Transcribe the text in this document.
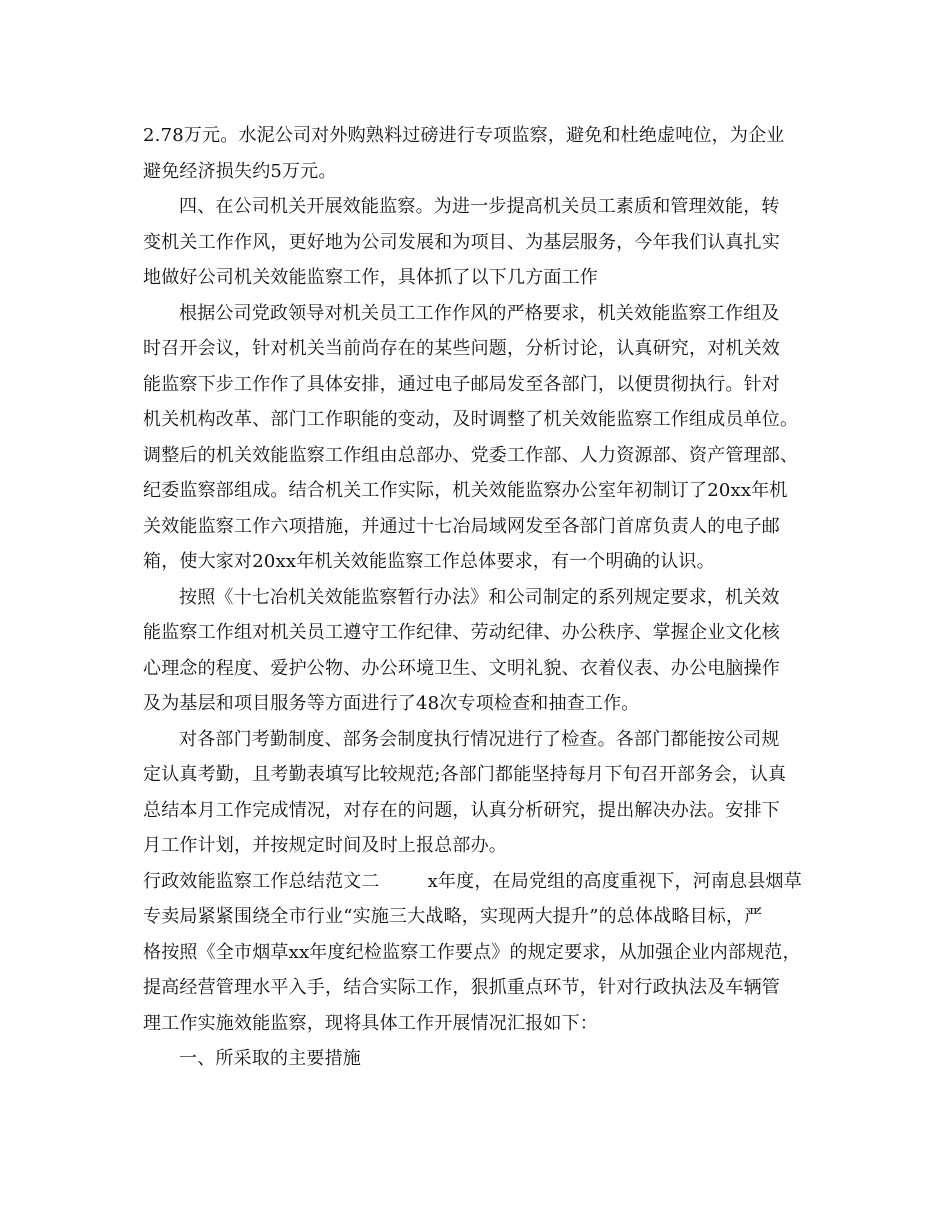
2.78万元。水泥公司对外购熟料过磅进行专项监察，避免和杜绝虚吨位，为企业
避免经济损失约5万元。
四、在公司机关开展效能监察。为进一步提高机关员工素质和管理效能，转
变机关工作作风，更好地为公司发展和为项目、为基层服务，今年我们认真扎实
地做好公司机关效能监察工作，具体抓了以下几方面工作
根据公司党政领导对机关员工工作作风的严格要求，机关效能监察工作组及
时召开会议，针对机关当前尚存在的某些问题，分析讨论，认真研究，对机关效
能监察下步工作作了具体安排，通过电子邮局发至各部门，以便贯彻执行。针对
机关机构改革、部门工作职能的变动，及时调整了机关效能监察工作组成员单位。
调整后的机关效能监察工作组由总部办、党委工作部、人力资源部、资产管理部、
纪委监察部组成。结合机关工作实际，机关效能监察办公室年初制订了20xx年机
关效能监察工作六项措施，并通过十七冶局域网发至各部门首席负责人的电子邮
箱，使大家对20xx年机关效能监察工作总体要求，有一个明确的认识。
按照《十七冶机关效能监察暂行办法》和公司制定的系列规定要求，机关效
能监察工作组对机关员工遵守工作纪律、劳动纪律、办公秩序、掌握企业文化核
心理念的程度、爱护公物、办公环境卫生、文明礼貌、衣着仪表、办公电脑操作
及为基层和项目服务等方面进行了48次专项检查和抽查工作。
对各部门考勤制度、部务会制度执行情况进行了检查。各部门都能按公司规
定认真考勤，且考勤表填写比较规范;各部门都能坚持每月下旬召开部务会，认真
总结本月工作完成情况，对存在的问题，认真分析研究，提出解决办法。安排下
月工作计划，并按规定时间及时上报总部办。
行政效能监察工作总结范文二	x年度，在局党组的高度重视下，河南息县烟草
专卖局紧紧围绕全市行业“实施三大战略，实现两大提升”的总体战略目标，严
格按照《全市烟草xx年度纪检监察工作要点》的规定要求，从加强企业内部规范，
提高经营管理水平入手，结合实际工作，狠抓重点环节，针对行政执法及车辆管
理工作实施效能监察，现将具体工作开展情况汇报如下：
一、所采取的主要措施
